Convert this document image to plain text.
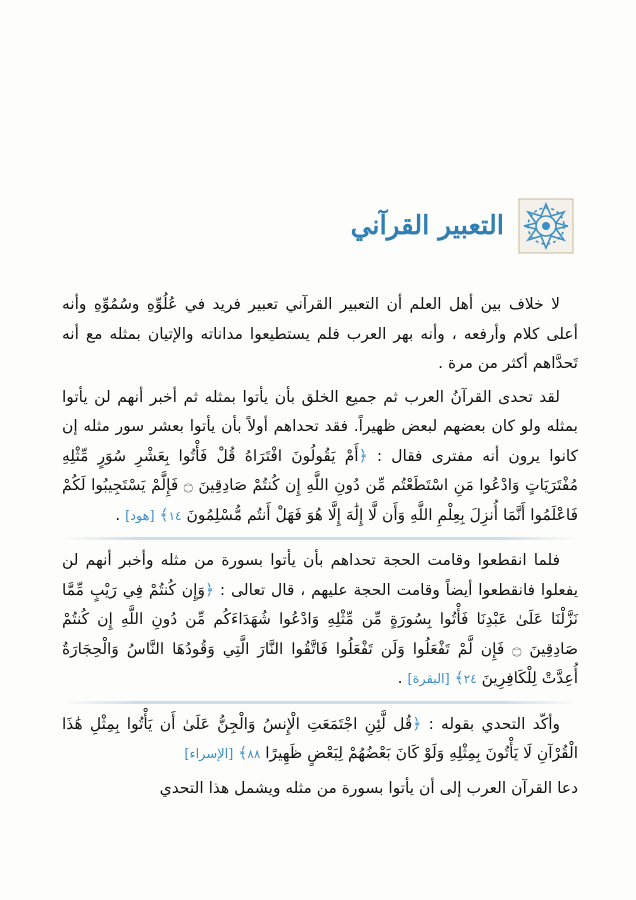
التعبير القرآني

لا خلاف بين أهل العلم أن التعبير القرآني تعبير فريد في عُلُوِّهِ وسُمُوِّهِ وأنه أعلى كلام وأرفعه ، وأنه بهر العرب فلم يستطيعوا مداناته والإتيان بمثله مع أنه تَحدَّاهم أكثر من مرة .

لقد تحدى القرآنُ العرب ثم جميع الخلق بأن يأتوا بمثله ثم أخبر أنهم لن يأتوا بمثله ولو كان بعضهم لبعض ظهيراً. فقد تحداهم أولاً بأن يأتوا بعشر سور مثله إن كانوا يرون أنه مفترى فقال : ﴿أَمْ يَقُولُونَ افْتَرَاهُ قُلْ فَأْتُوا بِعَشْرِ سُوَرٍ مِّثْلِهِ مُفْتَرَيَاتٍ وَادْعُوا مَنِ اسْتَطَعْتُم مِّن دُونِ اللَّهِ إِن كُنتُمْ صَادِقِينَ ۝ فَإِلَّمْ يَسْتَجِيبُوا لَكُمْ فَاعْلَمُوا أَنَّمَا أُنزِلَ بِعِلْمِ اللَّهِ وَأَن لَّا إِلَٰهَ إِلَّا هُوَ فَهَلْ أَنتُم مُّسْلِمُونَ ١٤﴾ [هود] .

فلما انقطعوا وقامت الحجة تحداهم بأن يأتوا بسورة من مثله وأخبر أنهم لن يفعلوا فانقطعوا أيضاً وقامت الحجة عليهم ، قال تعالى : ﴿وَإِن كُنتُمْ فِي رَيْبٍ مِّمَّا نَزَّلْنَا عَلَىٰ عَبْدِنَا فَأْتُوا بِسُورَةٍ مِّن مِّثْلِهِ وَادْعُوا شُهَدَاءَكُم مِّن دُونِ اللَّهِ إِن كُنتُمْ صَادِقِينَ ۝ فَإِن لَّمْ تَفْعَلُوا وَلَن تَفْعَلُوا فَاتَّقُوا النَّارَ الَّتِي وَقُودُهَا النَّاسُ وَالْحِجَارَةُ أُعِدَّتْ لِلْكَافِرِينَ ٢٤﴾ [البقرة] .

وأكّد التحدي بقوله : ﴿قُل لَّئِنِ اجْتَمَعَتِ الْإِنسُ وَالْجِنُّ عَلَىٰ أَن يَأْتُوا بِمِثْلِ هَٰذَا الْقُرْآنِ لَا يَأْتُونَ بِمِثْلِهِ وَلَوْ كَانَ بَعْضُهُمْ لِبَعْضٍ ظَهِيرًا ٨٨﴾ [الإسراء]

دعا القرآن العرب إلى أن يأتوا بسورة من مثله ويشمل هذا التحدي
